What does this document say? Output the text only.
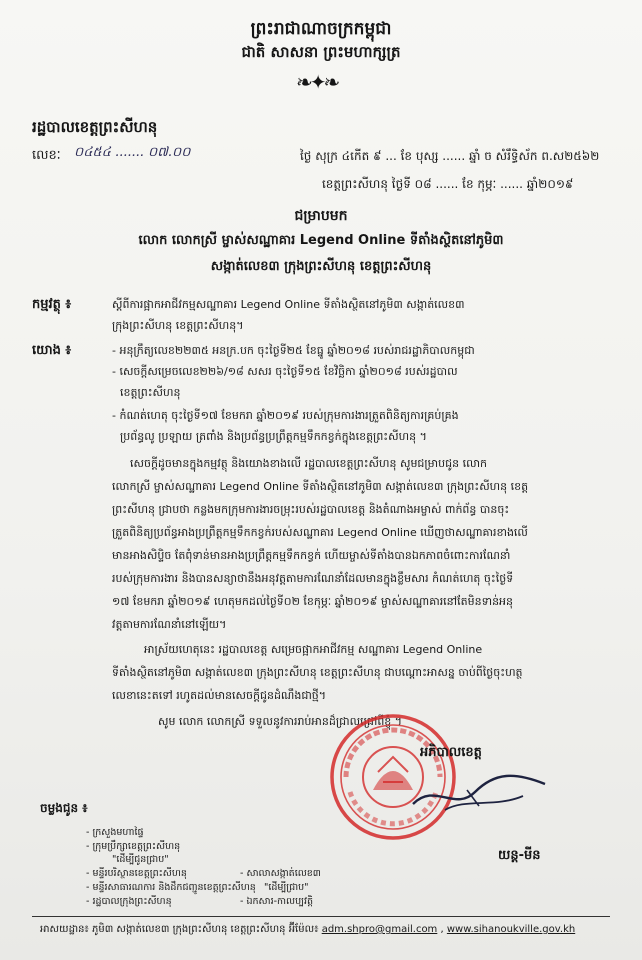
ព្រះរាជាណាចក្រកម្ពុជា
ជាតិ សាសនា ព្រះមហាក្សត្រ
❧✦❧
រដ្ឋបាលខេត្តព្រះសីហនុ
លេខៈ ០៤៥៤ ....... ០៧.០០	ថ្ងៃ សុក្រ ៤កើត ៩ ... ខែ បុស្ស ...... ឆ្នាំ ច សំរឹទ្ធិស័ក ព.ស២៥៦២
ខេត្តព្រះសីហនុ ថ្ងៃទី ០៨ ...... ខែ កុម្ភៈ ...... ឆ្នាំ២០១៩
ជម្រាបមក
លោក លោកស្រី ម្ចាស់សណ្ឋាគារ Legend Online ទីតាំងស្ថិតនៅភូមិ៣
សង្កាត់លេខ៣ ក្រុងព្រះសីហនុ ខេត្តព្រះសីហនុ
កម្មវត្ថុ ៖	ស្តីពីការផ្អាកអាជីវកម្មសណ្ឋាគារ Legend Online ទីតាំងស្ថិតនៅភូមិ៣ សង្កាត់លេខ៣
ក្រុងព្រះសីហនុ ខេត្តព្រះសីហនុ។
យោង ៖	- អនុក្រឹត្យលេខ២២៣៥ អនក្រ.បក ចុះថ្ងៃទី២៥ ខែធ្នូ ឆ្នាំ២០១៨ របស់រាជរដ្ឋាភិបាលកម្ពុជា
- សេចក្តីសម្រេចលេខ២២៦/១៨ សសរ ចុះថ្ងៃទី១៥ ខែវិច្ឆិកា ឆ្នាំ២០១៨ របស់រដ្ឋបាល
ខេត្តព្រះសីហនុ
- កំណត់ហេតុ ចុះថ្ងៃទី១៧ ខែមករា ឆ្នាំ២០១៩ របស់ក្រុមការងារត្រួតពិនិត្យការគ្រប់គ្រង
ប្រព័ន្ធលូ ប្រឡាយ ត្រពាំង និងប្រព័ន្ធប្រព្រឹត្តកម្មទឹកកខ្វក់ក្នុងខេត្តព្រះសីហនុ ។
សេចក្តីដូចមានក្នុងកម្មវត្ថុ និងយោងខាងលើ រដ្ឋបាលខេត្តព្រះសីហនុ សូមជម្រាបជូន លោក
លោកស្រី ម្ចាស់សណ្ឋាគារ Legend Online ទីតាំងស្ថិតនៅភូមិ៣ សង្កាត់លេខ៣ ក្រុងព្រះសីហនុ ខេត្ត
ព្រះសីហនុ ជ្រាបថា កន្លងមកក្រុមការងារចម្រុះរបស់រដ្ឋបាលខេត្ត និងតំណាងអម្ចាស់ ពាក់ព័ន្ធ បានចុះ
ត្រួតពិនិត្យប្រព័ន្ធអាងប្រព្រឹត្តកម្មទឹកកខ្វក់របស់សណ្ឋាគារ Legend Online ឃើញថាសណ្ឋាគារខាងលើ
មានអាងសិប្ទិច តែពុំទាន់មានអាងប្រព្រឹត្តកម្មទឹកកខ្វក់ ហើយម្ចាស់ទីតាំងបានឯកភាពចំពោះការណែនាំ
របស់ក្រុមការងារ និងបានសន្យាថានឹងអនុវត្តតាមការណែនាំដែលមានក្នុងខ្លឹមសារ កំណត់ហេតុ ចុះថ្ងៃទី
១៧ ខែមករា ឆ្នាំ២០១៩ ហេតុមកដល់ថ្ងៃទី០២ ខែកុម្ភៈ ឆ្នាំ២០១៩ ម្ចាស់សណ្ឋាគារនៅតែមិនទាន់អនុ
វត្តតាមការណែនាំនៅឡើយ។
អាស្រ័យហេតុនេះ រដ្ឋបាលខេត្ត សម្រេចផ្អាកអាជីវកម្ម សណ្ឋាគារ Legend Online
ទីតាំងស្ថិតនៅភូមិ៣ សង្កាត់លេខ៣ ក្រុងព្រះសីហនុ ខេត្តព្រះសីហនុ ជាបណ្តោះអាសន្ន ចាប់ពីថ្ងៃចុះហត្ថ
លេខានេះតទៅ រហូតដល់មានសេចក្តីជូនដំណឹងជាថ្មី។
សូម លោក លោកស្រី ទទួលនូវការរាប់អានដ៏ជ្រាលជ្រៅពីខ្ញុំ ។
អភិបាលខេត្ត
យន្ត-មីន
ចម្លងជូន ៖
- ក្រសួងមហាផ្ទៃ
- ក្រុមប្រឹក្សាខេត្តព្រះសីហនុ
"ដើម្បីជូនជ្រាប"
- មន្ទីរបរិស្ថានខេត្តព្រះសីហនុ
- មន្ទីរសាធារណការ និងដឹកជញ្ជូនខេត្តព្រះសីហនុ
- រដ្ឋបាលក្រុងព្រះសីហនុ
- សាលាសង្កាត់លេខ៣
"ដើម្បីជ្រាប"
- ឯកសារ-កាលប្បវត្តិ
អាសយដ្ឋាន៖ ភូមិ៣ សង្កាត់លេខ៣ ក្រុងព្រះសីហនុ ខេត្តព្រះសីហនុ អ៊ីម៉ែល៖ adm.shpro@gmail.com , www.sihanoukville.gov.kh
